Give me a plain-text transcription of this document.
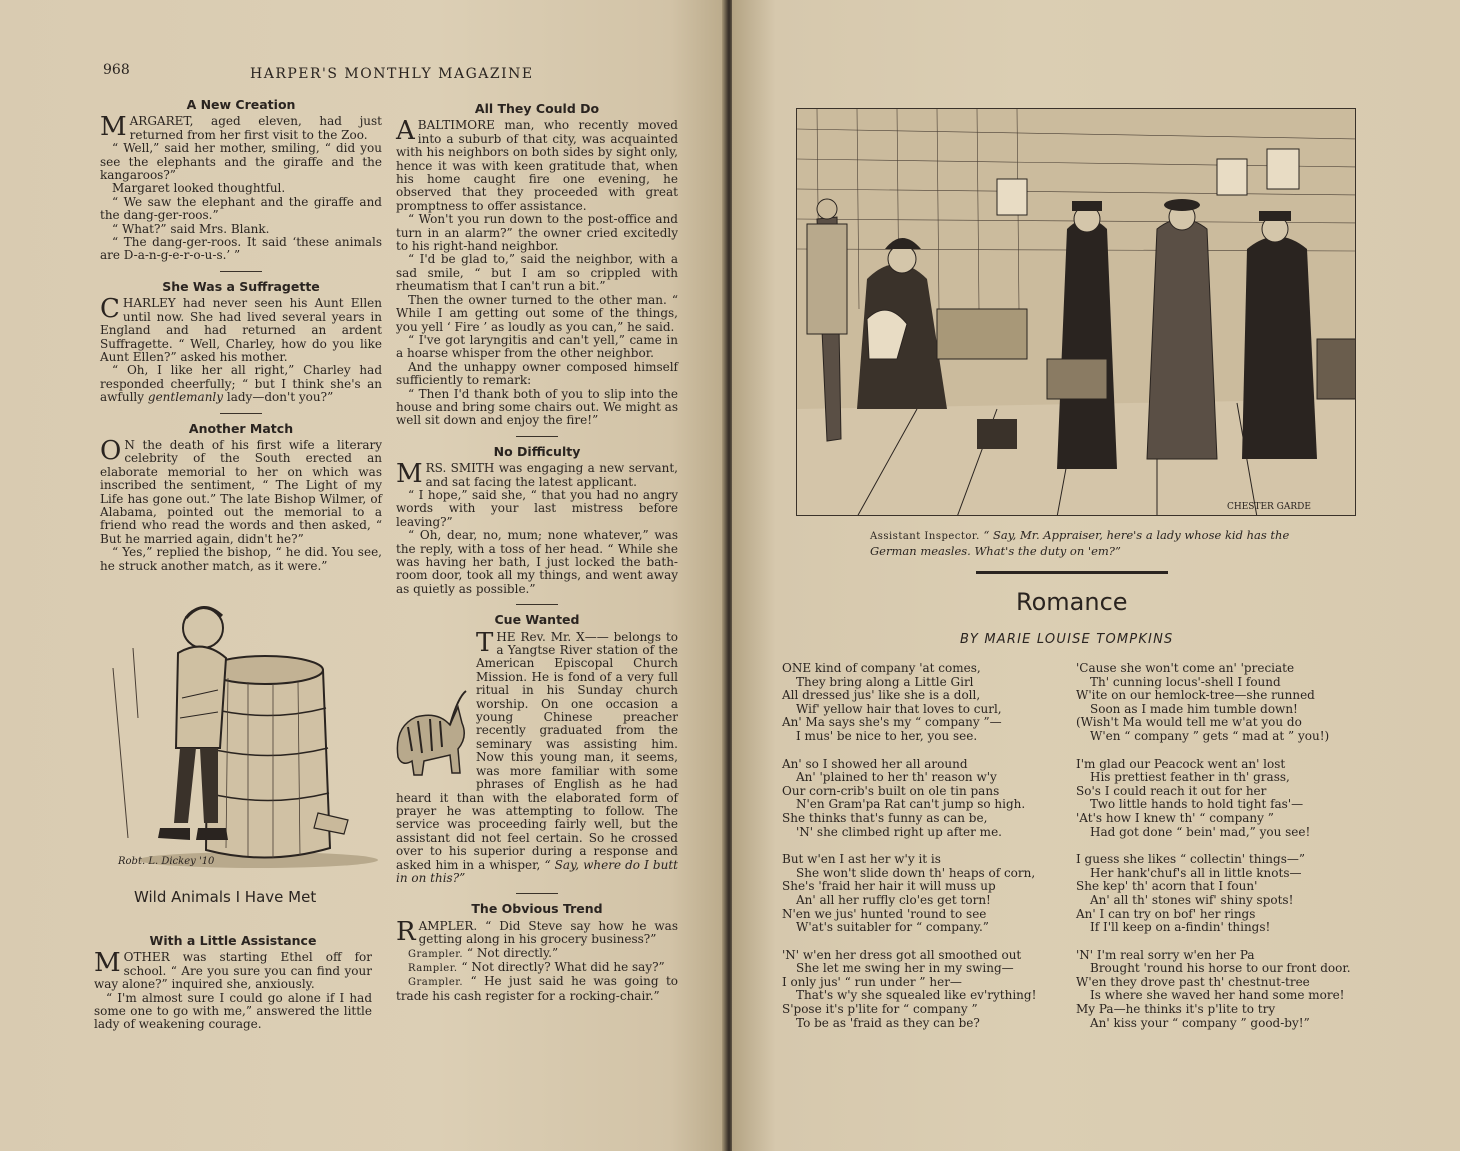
968	HARPER'S MONTHLY MAGAZINE
A New Creation

MARGARET, aged eleven, had just returned from her first visit to the Zoo.

“ Well,” said her mother, smiling, “ did you see the elephants and the giraffe and the kangaroos?”

Margaret looked thoughtful.

“ We saw the elephant and the giraffe and the dang-ger-roos.”

“ What?” said Mrs. Blank.

“ The dang-ger-roos. It said ‘these animals are D-a-n-g-e-r-o-u-s.’ ”

She Was a Suffragette

CHARLEY had never seen his Aunt Ellen until now. She had lived several years in England and had returned an ardent Suffragette. “ Well, Charley, how do you like Aunt Ellen?” asked his mother.

“ Oh, I like her all right,” Charley had responded cheerfully; “ but I think she's an awfully gentlemanly lady—don't you?”

Another Match

O N the death of his first wife a literary celebrity of the South erected an elaborate memorial to her on which was inscribed the sentiment, “ The Light of my Life has gone out.” The late Bishop Wilmer, of Alabama, pointed out the memorial to a friend who read the words and then asked, “ But he married again, didn't he?”

“ Yes,” replied the bishop, “ he did. You see, he struck another match, as it were.”

Robt. L. Dickey '10
Wild Animals I Have Met
With a Little Assistance

MOTHER was starting Ethel off for school. “ Are you sure you can find your way alone?” inquired she, anxiously.

“ I'm almost sure I could go alone if I had some one to go with me,” answered the little lady of weakening courage.

All They Could Do

ABALTIMORE man, who recently moved into a suburb of that city, was acquainted with his neighbors on both sides by sight only, hence it was with keen gratitude that, when his home caught fire one evening, he observed that they proceeded with great promptness to offer assistance.

“ Won't you run down to the post-office and turn in an alarm?” the owner cried excitedly to his right-hand neighbor.

“ I'd be glad to,” said the neighbor, with a sad smile, “ but I am so crippled with rheumatism that I can't run a bit.”

Then the owner turned to the other man. “ While I am getting out some of the things, you yell ‘ Fire ’ as loudly as you can,” he said.

“ I've got laryngitis and can't yell,” came in a hoarse whisper from the other neighbor.

And the unhappy owner composed himself sufficiently to remark:

“ Then I'd thank both of you to slip into the house and bring some chairs out. We might as well sit down and enjoy the fire!”

No Difficulty

MRS. SMITH was engaging a new servant, and sat facing the latest applicant.

“ I hope,” said she, “ that you had no angry words with your last mistress before leaving?”

“ Oh, dear, no, mum; none whatever,” was the reply, with a toss of her head. “ While she was having her bath, I just locked the bath-room door, took all my things, and went away as quietly as possible.”

Cue Wanted

THE Rev. Mr. X—— belongs to a Yangtse River station of the American Episcopal Church Mission. He is fond of a very full ritual in his Sunday church worship. On one occasion a young Chinese preacher recently graduated from the seminary was assisting him. Now this young man, it seems, was more familiar with some phrases of English as he had heard it than with the elaborated form of prayer he was attempting to follow. The service was proceeding fairly well, but the assistant did not feel certain. So he crossed over to his superior during a response and asked him in a whisper, “ Say, where do I butt in on this?”

The Obvious Trend

RAMPLER. “ Did Steve say how he was getting along in his grocery business?”

Grampler. “ Not directly.”

Rampler. “ Not directly? What did he say?”

Grampler. “ He just said he was going to trade his cash register for a rocking-chair.”

CHESTER GARDE
Assistant Inspector. “ Say, Mr. Appraiser, here's a lady whose kid has the German measles. What's the duty on 'em?”
Romance
BY MARIE LOUISE TOMPKINS
ONE kind of company 'at comes,
They bring along a Little Girl
All dressed jus' like she is a doll,
Wif' yellow hair that loves to curl,
An' Ma says she's my “ company ”—
I mus' be nice to her, you see.
An' so I showed her all around
An' 'plained to her th' reason w'y
Our corn-crib's built on ole tin pans
N'en Gram'pa Rat can't jump so high.
She thinks that's funny as can be,
'N' she climbed right up after me.
But w'en I ast her w'y it is
She won't slide down th' heaps of corn,
She's 'fraid her hair it will muss up
An' all her ruffly clo'es get torn!
N'en we jus' hunted 'round to see
W'at's suitabler for “ company.”
'N' w'en her dress got all smoothed out
She let me swing her in my swing—
I only jus' “ run under ” her—
That's w'y she squealed like ev'rything!
S'pose it's p'lite for “ company ”
To be as 'fraid as they can be?
'Cause she won't come an' 'preciate
Th' cunning locus'-shell I found
W'ite on our hemlock-tree—she runned
Soon as I made him tumble down!
(Wish't Ma would tell me w'at you do
W'en “ company ” gets “ mad at ” you!)
I'm glad our Peacock went an' lost
His prettiest feather in th' grass,
So's I could reach it out for her
Two little hands to hold tight fas'—
'At's how I knew th' “ company ”
Had got done “ bein' mad,” you see!
I guess she likes “ collectin' things—”
Her hank'chuf's all in little knots—
She kep' th' acorn that I foun'
An' all th' stones wif' shiny spots!
An' I can try on bof' her rings
If I'll keep on a-findin' things!
'N' I'm real sorry w'en her Pa
Brought 'round his horse to our front door.
W'en they drove past th' chestnut-tree
Is where she waved her hand some more!
My Pa—he thinks it's p'lite to try
An' kiss your “ company ” good-by!”
